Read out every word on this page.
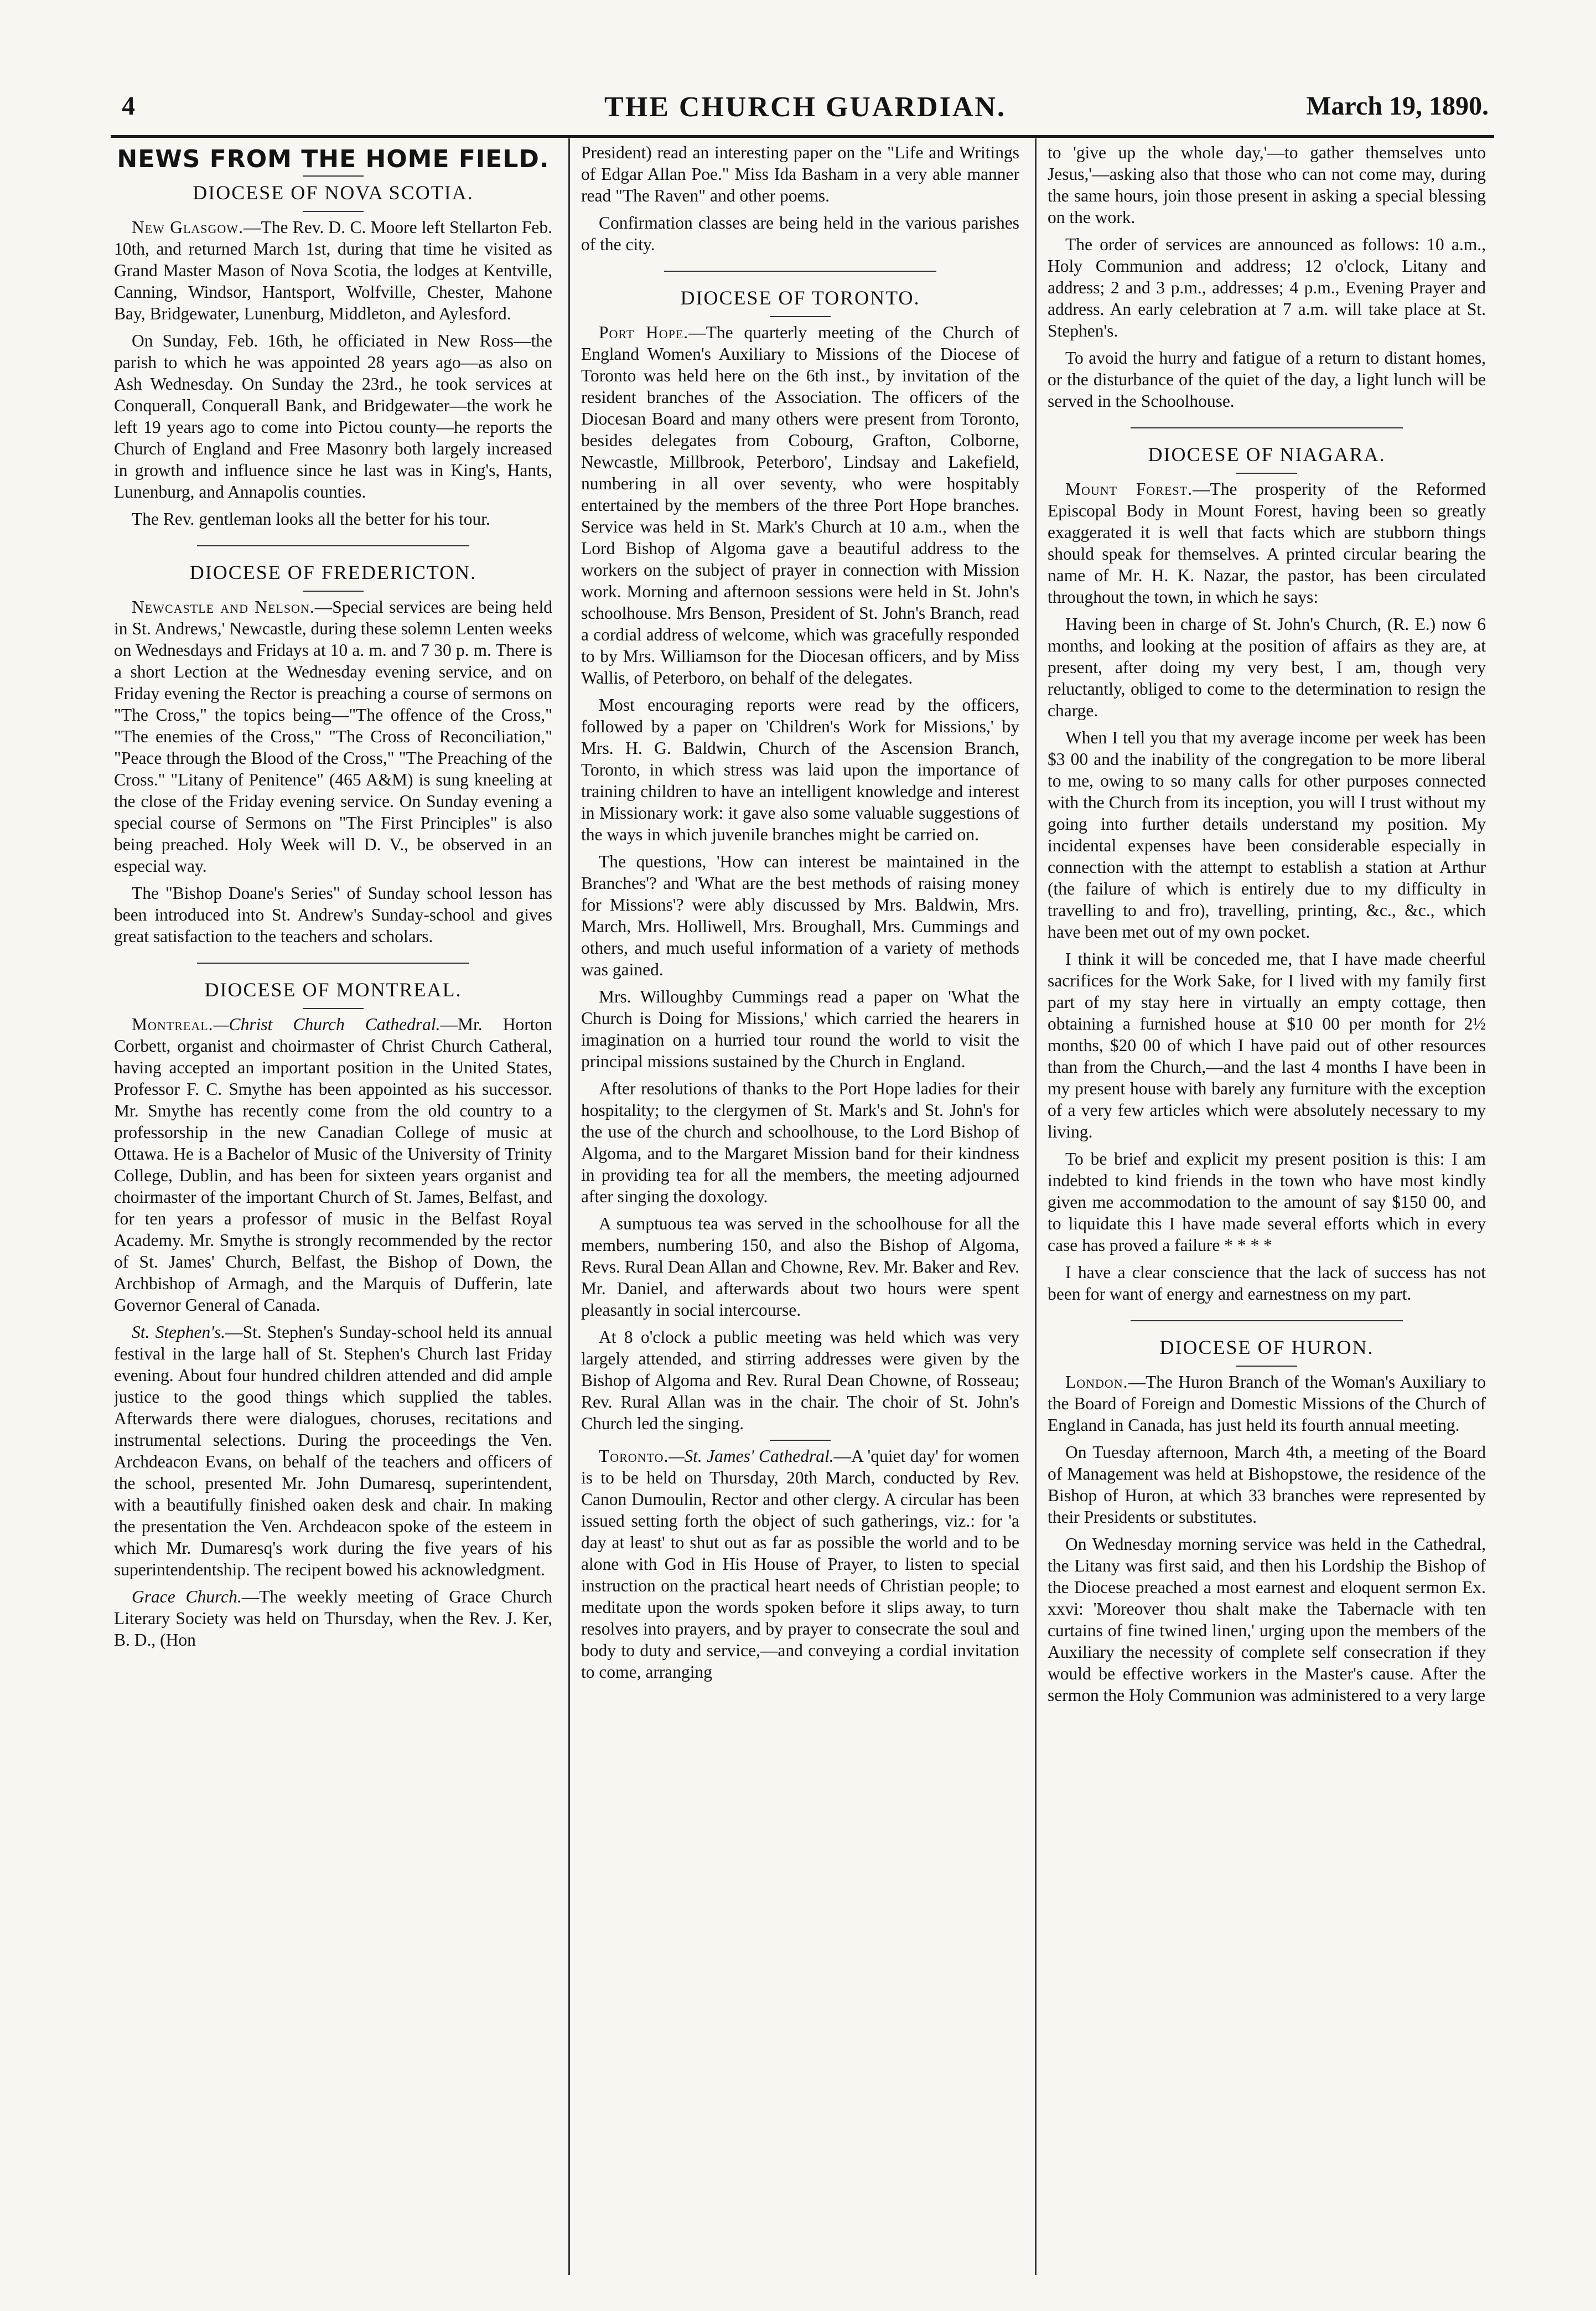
4	THE CHURCH GUARDIAN.	March 19, 1890.
NEWS FROM THE HOME FIELD.
DIOCESE OF NOVA SCOTIA.

New Glasgow.—The Rev. D. C. Moore left Stellarton Feb. 10th, and returned March 1st, during that time he visited as Grand Master Mason of Nova Scotia, the lodges at Kentville, Canning, Windsor, Hantsport, Wolfville, Chester, Mahone Bay, Bridgewater, Lunenburg, Middleton, and Aylesford.

On Sunday, Feb. 16th, he officiated in New Ross—the parish to which he was appointed 28 years ago—as also on Ash Wednesday. On Sunday the 23rd., he took services at Conquerall, Conquerall Bank, and Bridgewater—the work he left 19 years ago to come into Pictou county—he reports the Church of England and Free Masonry both largely increased in growth and influence since he last was in King's, Hants, Lunenburg, and Annapolis counties.

The Rev. gentleman looks all the better for his tour.

DIOCESE OF FREDERICTON.

Newcastle and Nelson.—Special services are being held in St. Andrews,' Newcastle, during these solemn Lenten weeks on Wednesdays and Fridays at 10 a. m. and 7 30 p. m. There is a short Lection at the Wednesday evening service, and on Friday evening the Rector is preaching a course of sermons on "The Cross," the topics being—"The offence of the Cross," "The enemies of the Cross," "The Cross of Reconciliation," "Peace through the Blood of the Cross," "The Preaching of the Cross." "Litany of Penitence" (465 A&M) is sung kneeling at the close of the Friday evening service. On Sunday evening a special course of Sermons on "The First Principles" is also being preached. Holy Week will D. V., be observed in an especial way.

The "Bishop Doane's Series" of Sunday school lesson has been introduced into St. Andrew's Sunday-school and gives great satisfaction to the teachers and scholars.

DIOCESE OF MONTREAL.

Montreal.—Christ Church Cathedral.—Mr. Horton Corbett, organist and choirmaster of Christ Church Catheral, having accepted an important position in the United States, Professor F. C. Smythe has been appointed as his successor. Mr. Smythe has recently come from the old country to a professorship in the new Canadian College of music at Ottawa. He is a Bachelor of Music of the University of Trinity College, Dublin, and has been for sixteen years organist and choirmaster of the important Church of St. James, Belfast, and for ten years a professor of music in the Belfast Royal Academy. Mr. Smythe is strongly recommended by the rector of St. James' Church, Belfast, the Bishop of Down, the Archbishop of Armagh, and the Marquis of Dufferin, late Governor General of Canada.

St. Stephen's.—St. Stephen's Sunday-school held its annual festival in the large hall of St. Stephen's Church last Friday evening. About four hundred children attended and did ample justice to the good things which supplied the tables. Afterwards there were dialogues, choruses, recitations and instrumental selections. During the proceedings the Ven. Archdeacon Evans, on behalf of the teachers and officers of the school, presented Mr. John Dumaresq, superintendent, with a beautifully finished oaken desk and chair. In making the presentation the Ven. Archdeacon spoke of the esteem in which Mr. Dumaresq's work during the five years of his superintendentship. The recipent bowed his acknowledgment.

Grace Church.—The weekly meeting of Grace Church Literary Society was held on Thursday, when the Rev. J. Ker, B. D., (Hon

President) read an interesting paper on the "Life and Writings of Edgar Allan Poe." Miss Ida Basham in a very able manner read "The Raven" and other poems.

Confirmation classes are being held in the various parishes of the city.

DIOCESE OF TORONTO.

Port Hope.—The quarterly meeting of the Church of England Women's Auxiliary to Missions of the Diocese of Toronto was held here on the 6th inst., by invitation of the resident branches of the Association. The officers of the Diocesan Board and many others were present from Toronto, besides delegates from Cobourg, Grafton, Colborne, Newcastle, Millbrook, Peterboro', Lindsay and Lakefield, numbering in all over seventy, who were hospitably entertained by the members of the three Port Hope branches. Service was held in St. Mark's Church at 10 a.m., when the Lord Bishop of Algoma gave a beautiful address to the workers on the subject of prayer in connection with Mission work. Morning and afternoon sessions were held in St. John's schoolhouse. Mrs Benson, President of St. John's Branch, read a cordial address of welcome, which was gracefully responded to by Mrs. Williamson for the Diocesan officers, and by Miss Wallis, of Peterboro, on behalf of the delegates.

Most encouraging reports were read by the officers, followed by a paper on 'Children's Work for Missions,' by Mrs. H. G. Baldwin, Church of the Ascension Branch, Toronto, in which stress was laid upon the importance of training children to have an intelligent knowledge and interest in Missionary work: it gave also some valuable suggestions of the ways in which juvenile branches might be carried on.

The questions, 'How can interest be maintained in the Branches'? and 'What are the best methods of raising money for Missions'? were ably discussed by Mrs. Baldwin, Mrs. March, Mrs. Holliwell, Mrs. Broughall, Mrs. Cummings and others, and much useful information of a variety of methods was gained.

Mrs. Willoughby Cummings read a paper on 'What the Church is Doing for Missions,' which carried the hearers in imagination on a hurried tour round the world to visit the principal missions sustained by the Church in England.

After resolutions of thanks to the Port Hope ladies for their hospitality; to the clergymen of St. Mark's and St. John's for the use of the church and schoolhouse, to the Lord Bishop of Algoma, and to the Margaret Mission band for their kindness in providing tea for all the members, the meeting adjourned after singing the doxology.

A sumptuous tea was served in the schoolhouse for all the members, numbering 150, and also the Bishop of Algoma, Revs. Rural Dean Allan and Chowne, Rev. Mr. Baker and Rev. Mr. Daniel, and afterwards about two hours were spent pleasantly in social intercourse.

At 8 o'clock a public meeting was held which was very largely attended, and stirring addresses were given by the Bishop of Algoma and Rev. Rural Dean Chowne, of Rosseau; Rev. Rural Allan was in the chair. The choir of St. John's Church led the singing.

Toronto.—St. James' Cathedral.—A 'quiet day' for women is to be held on Thursday, 20th March, conducted by Rev. Canon Dumoulin, Rector and other clergy. A circular has been issued setting forth the object of such gatherings, viz.: for 'a day at least' to shut out as far as possible the world and to be alone with God in His House of Prayer, to listen to special instruction on the practical heart needs of Christian people; to meditate upon the words spoken before it slips away, to turn resolves into prayers, and by prayer to consecrate the soul and body to duty and service,—and conveying a cordial invitation to come, arranging

to 'give up the whole day,'—to gather themselves unto Jesus,'—asking also that those who can not come may, during the same hours, join those present in asking a special blessing on the work.

The order of services are announced as follows: 10 a.m., Holy Communion and address; 12 o'clock, Litany and address; 2 and 3 p.m., addresses; 4 p.m., Evening Prayer and address. An early celebration at 7 a.m. will take place at St. Stephen's.

To avoid the hurry and fatigue of a return to distant homes, or the disturbance of the quiet of the day, a light lunch will be served in the Schoolhouse.

DIOCESE OF NIAGARA.

Mount Forest.—The prosperity of the Reformed Episcopal Body in Mount Forest, having been so greatly exaggerated it is well that facts which are stubborn things should speak for themselves. A printed circular bearing the name of Mr. H. K. Nazar, the pastor, has been circulated throughout the town, in which he says:

Having been in charge of St. John's Church, (R. E.) now 6 months, and looking at the position of affairs as they are, at present, after doing my very best, I am, though very reluctantly, obliged to come to the determination to resign the charge.

When I tell you that my average income per week has been $3 00 and the inability of the congregation to be more liberal to me, owing to so many calls for other purposes connected with the Church from its inception, you will I trust without my going into further details understand my position. My incidental expenses have been considerable especially in connection with the attempt to establish a station at Arthur (the failure of which is entirely due to my difficulty in travelling to and fro), travelling, printing, &c., &c., which have been met out of my own pocket.

I think it will be conceded me, that I have made cheerful sacrifices for the Work Sake, for I lived with my family first part of my stay here in virtually an empty cottage, then obtaining a furnished house at $10 00 per month for 2½ months, $20 00 of which I have paid out of other resources than from the Church,—and the last 4 months I have been in my present house with barely any furniture with the exception of a very few articles which were absolutely necessary to my living.

To be brief and explicit my present position is this: I am indebted to kind friends in the town who have most kindly given me accommodation to the amount of say $150 00, and to liquidate this I have made several efforts which in every case has proved a failure * * * *

I have a clear conscience that the lack of success has not been for want of energy and earnestness on my part.

DIOCESE OF HURON.

London.—The Huron Branch of the Woman's Auxiliary to the Board of Foreign and Domestic Missions of the Church of England in Canada, has just held its fourth annual meeting.

On Tuesday afternoon, March 4th, a meeting of the Board of Management was held at Bishopstowe, the residence of the Bishop of Huron, at which 33 branches were represented by their Presidents or substitutes.

On Wednesday morning service was held in the Cathedral, the Litany was first said, and then his Lordship the Bishop of the Diocese preached a most earnest and eloquent sermon Ex. xxvi: 'Moreover thou shalt make the Tabernacle with ten curtains of fine twined linen,' urging upon the members of the Auxiliary the necessity of complete self consecration if they would be effective workers in the Master's cause. After the sermon the Holy Communion was administered to a very large
